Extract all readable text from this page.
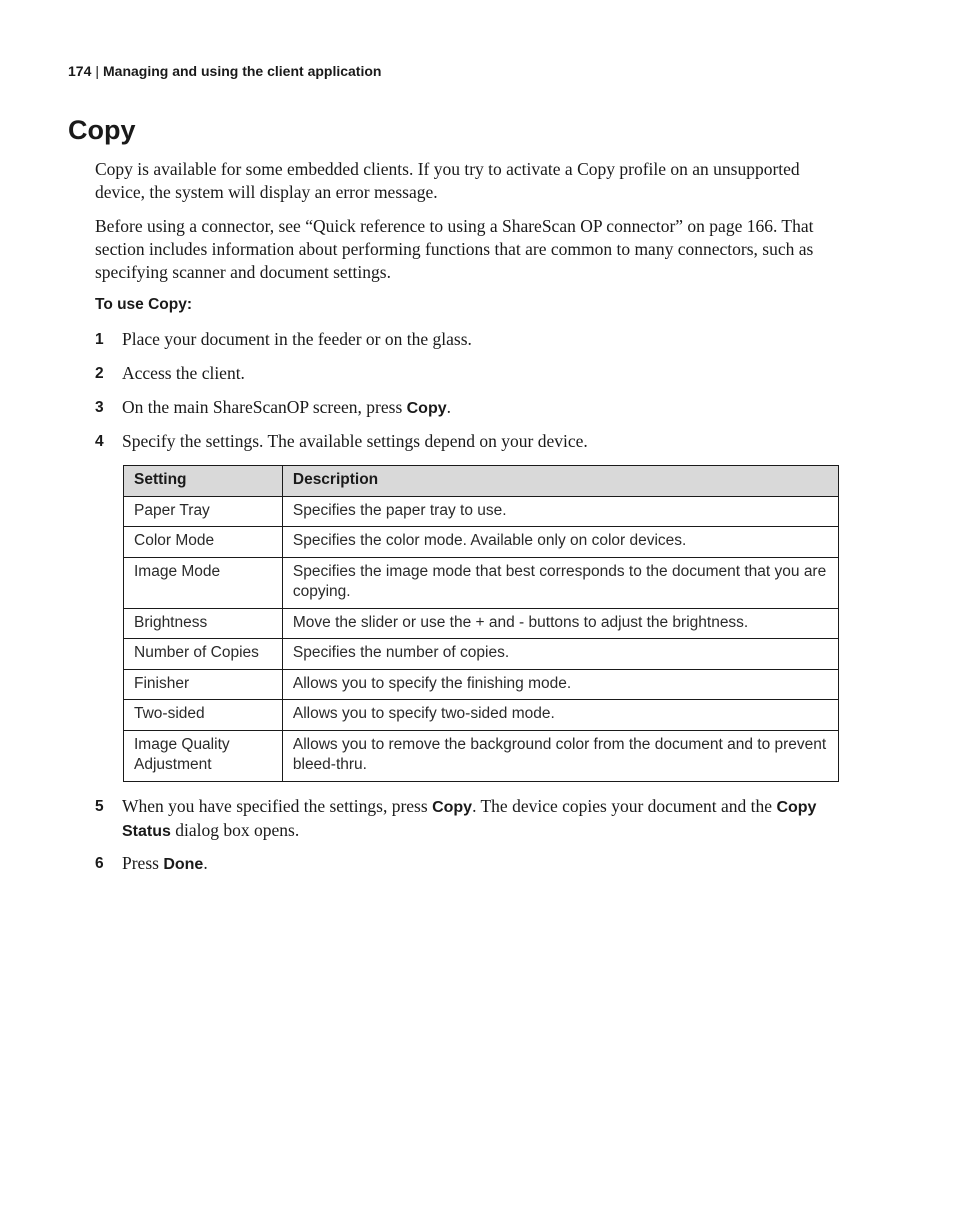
174 | Managing and using the client application
Copy

Copy is available for some embedded clients. If you try to activate a Copy profile on an unsupported device, the system will display an error message.

Before using a connector, see “Quick reference to using a ShareScan OP connector” on page 166. That section includes information about performing functions that are common to many connectors, such as specifying scanner and document settings.

To use Copy:

1 Place your document in the feeder or on the glass.
2 Access the client.
3 On the main ShareScanOP screen, press Copy.
4 Specify the settings. The available settings depend on your device.
Setting	Description
Paper Tray	Specifies the paper tray to use.
Color Mode	Specifies the color mode. Available only on color devices.
Image Mode	Specifies the image mode that best corresponds to the document that you are copying.
Brightness	Move the slider or use the + and - buttons to adjust the brightness.
Number of Copies	Specifies the number of copies.
Finisher	Allows you to specify the finishing mode.
Two-sided	Allows you to specify two-sided mode.
Image Quality Adjustment	Allows you to remove the background color from the document and to prevent bleed-thru.
5 When you have specified the settings, press Copy. The device copies your document and the Copy Status dialog box opens.
6 Press Done.
